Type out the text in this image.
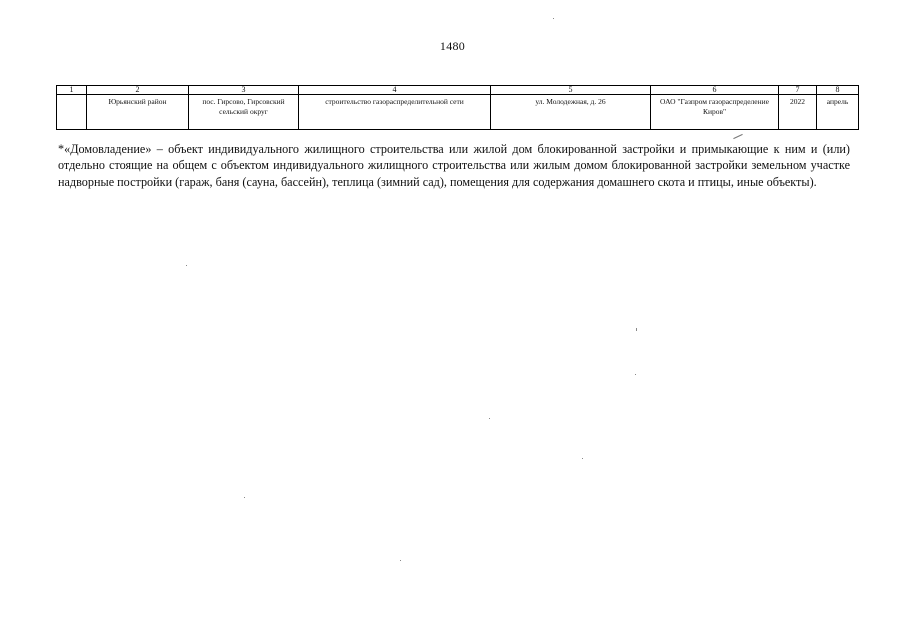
1480
1	2	3	4	5	6	7	8
	Юрьянский район	пос. Гирсово, Гирсовский сельский округ	строительство газораспределительной сети	ул. Молодежная, д. 26	ОАО "Газпром газораспределение Киров"	2022	апрель

*«Домовладение» – объект индивидуального жилищного строительства или жилой дом блокированной застройки и примыкающие к ним и (или) отдельно стоящие на общем с объектом индивидуального жилищного строительства или жилым домом блокированной застройки земельном участке надворные постройки (гараж, баня (сауна, бассейн), теплица (зимний сад), помещения для содержания домашнего скота и птицы, иные объекты).
